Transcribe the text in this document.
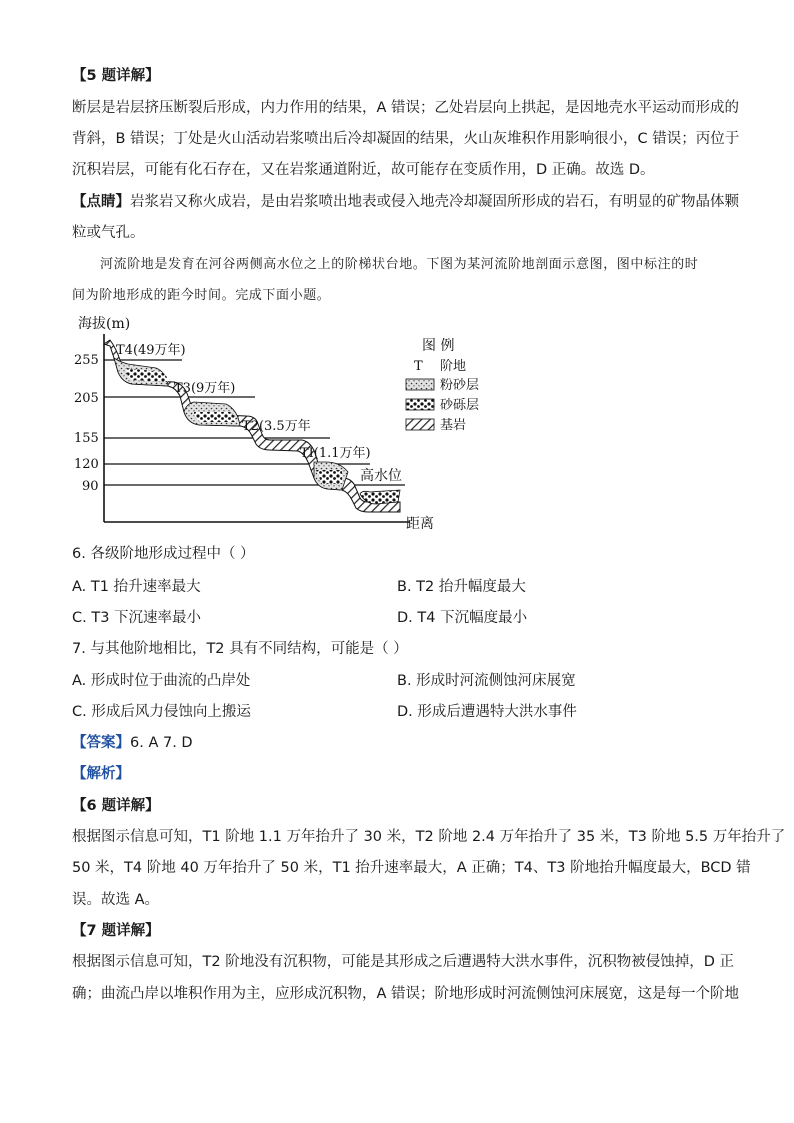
【5 题详解】
断层是岩层挤压断裂后形成，内力作用的结果，A 错误；乙处岩层向上拱起，是因地壳水平运动而形成的
背斜，B 错误；丁处是火山活动岩浆喷出后冷却凝固的结果，火山灰堆积作用影响很小，C 错误；丙位于
沉积岩层，可能有化石存在，又在岩浆通道附近，故可能存在变质作用，D 正确。故选 D。
【点睛】岩浆岩又称火成岩，是由岩浆喷出地表或侵入地壳冷却凝固所形成的岩石，有明显的矿物晶体颗
粒或气孔。
河流阶地是发育在河谷两侧高水位之上的阶梯状台地。下图为某河流阶地剖面示意图，图中标注的时
间为阶地形成的距今时间。完成下面小题。
海拔(m)
距离
255
205
155
120
90
T4(49万年)
T3(9万年)
T2(3.5万年
TI(1.1万年)
高水位
图 例
T 阶地
粉砂层
砂砾层
基岩
6. 各级阶地形成过程中（ ）
A. T1 抬升速率最大	B. T2 抬升幅度最大
C. T3 下沉速率最小	D. T4 下沉幅度最小
7. 与其他阶地相比，T2 具有不同结构，可能是（ ）
A. 形成时位于曲流的凸岸处	B. 形成时河流侧蚀河床展宽
C. 形成后风力侵蚀向上搬运	D. 形成后遭遇特大洪水事件
【答案】6. A 7. D
【解析】
【6 题详解】
根据图示信息可知，T1 阶地 1.1 万年抬升了 30 米，T2 阶地 2.4 万年抬升了 35 米，T3 阶地 5.5 万年抬升了
50 米，T4 阶地 40 万年抬升了 50 米，T1 抬升速率最大，A 正确；T4、T3 阶地抬升幅度最大，BCD 错
误。故选 A。
【7 题详解】
根据图示信息可知，T2 阶地没有沉积物，可能是其形成之后遭遇特大洪水事件，沉积物被侵蚀掉，D 正
确；曲流凸岸以堆积作用为主，应形成沉积物，A 错误；阶地形成时河流侧蚀河床展宽，这是每一个阶地
